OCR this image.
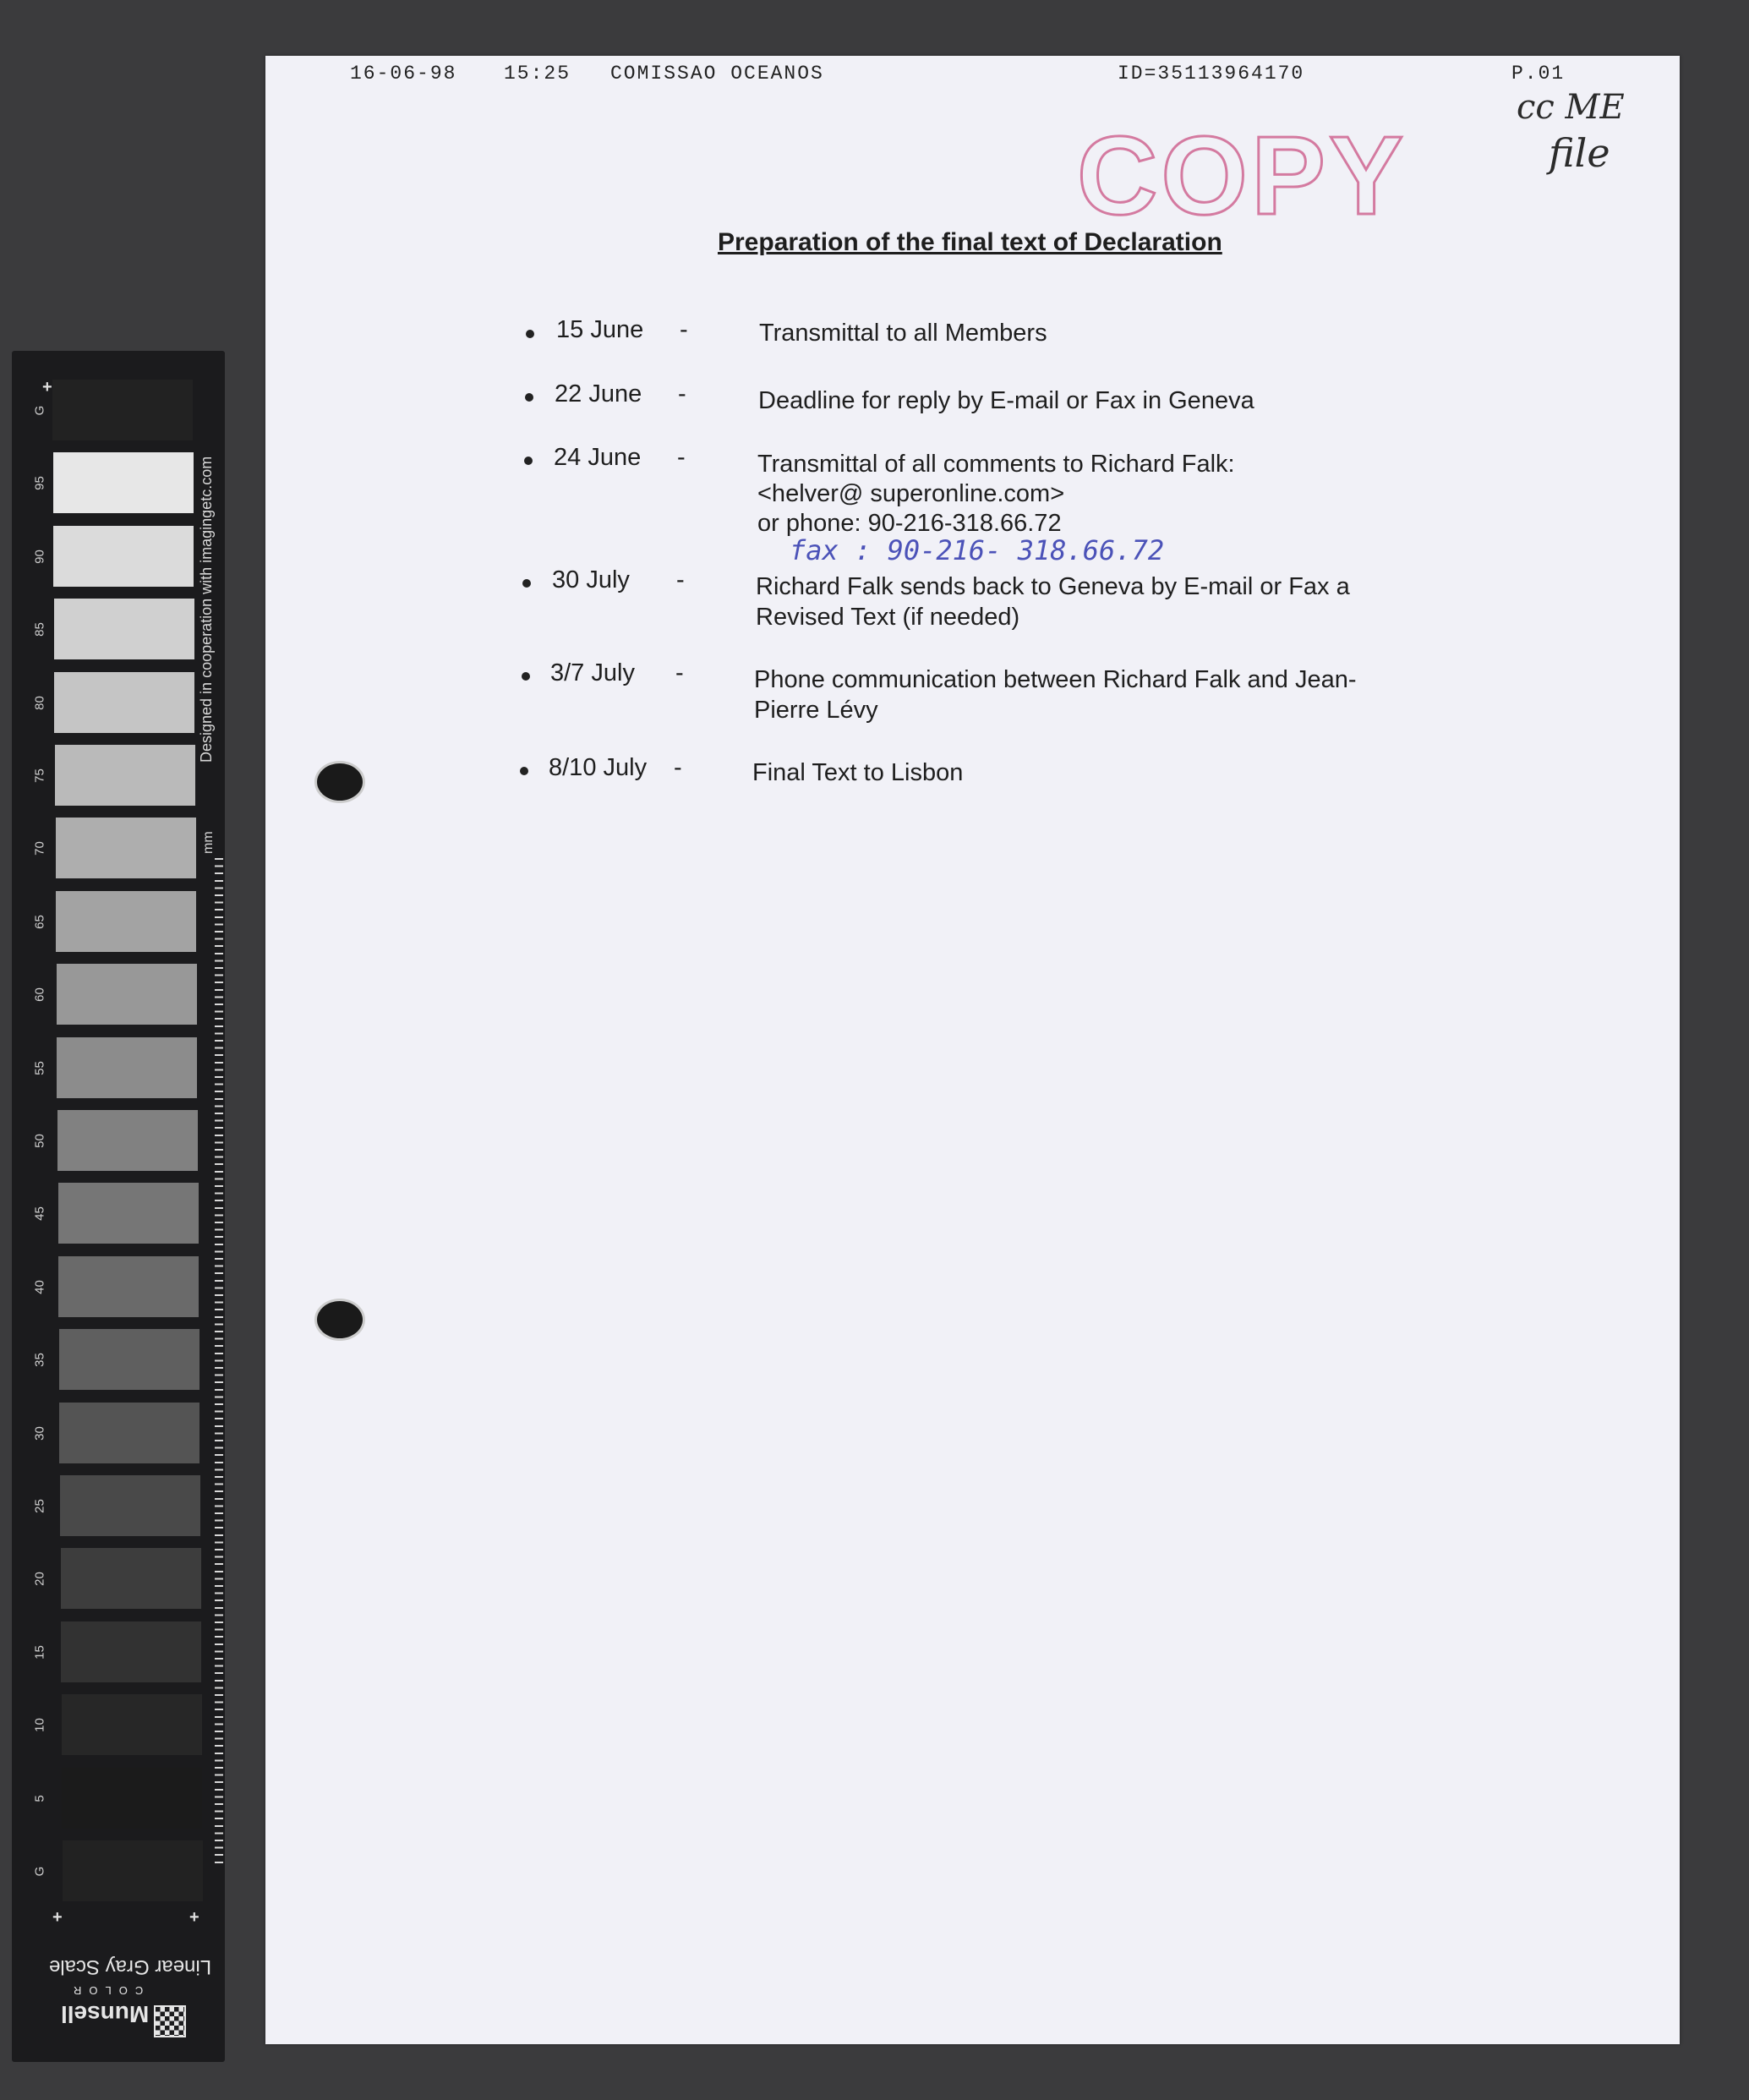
+
G
95
90
85
80
75
70
65
60
55
50
45
40
35
30
25
20
15
10
5
G
+	+
Designed in cooperation with imagingetc.com
mm
Munsell
COLOR
Linear Gray Scale
16-06-98 15:25 COMISSAO OCEANOS	ID=35113964170	P.01
COPY
cc ME
file
Preparation of the final text of Declaration
15 June -	Transmittal to all Members
22 June -	Deadline for reply by E-mail or Fax in Geneva
24 June -	Transmittal of all comments to Richard Falk:
<helver@ superonline.com>
or phone: 90-216-318.66.72
fax : 90-216- 318.66.72
30 July -	Richard Falk sends back to Geneva by E-mail or Fax a Revised Text (if needed)
3/7 July -	Phone communication between Richard Falk and Jean-Pierre Lévy
8/10 July -	Final Text to Lisbon
